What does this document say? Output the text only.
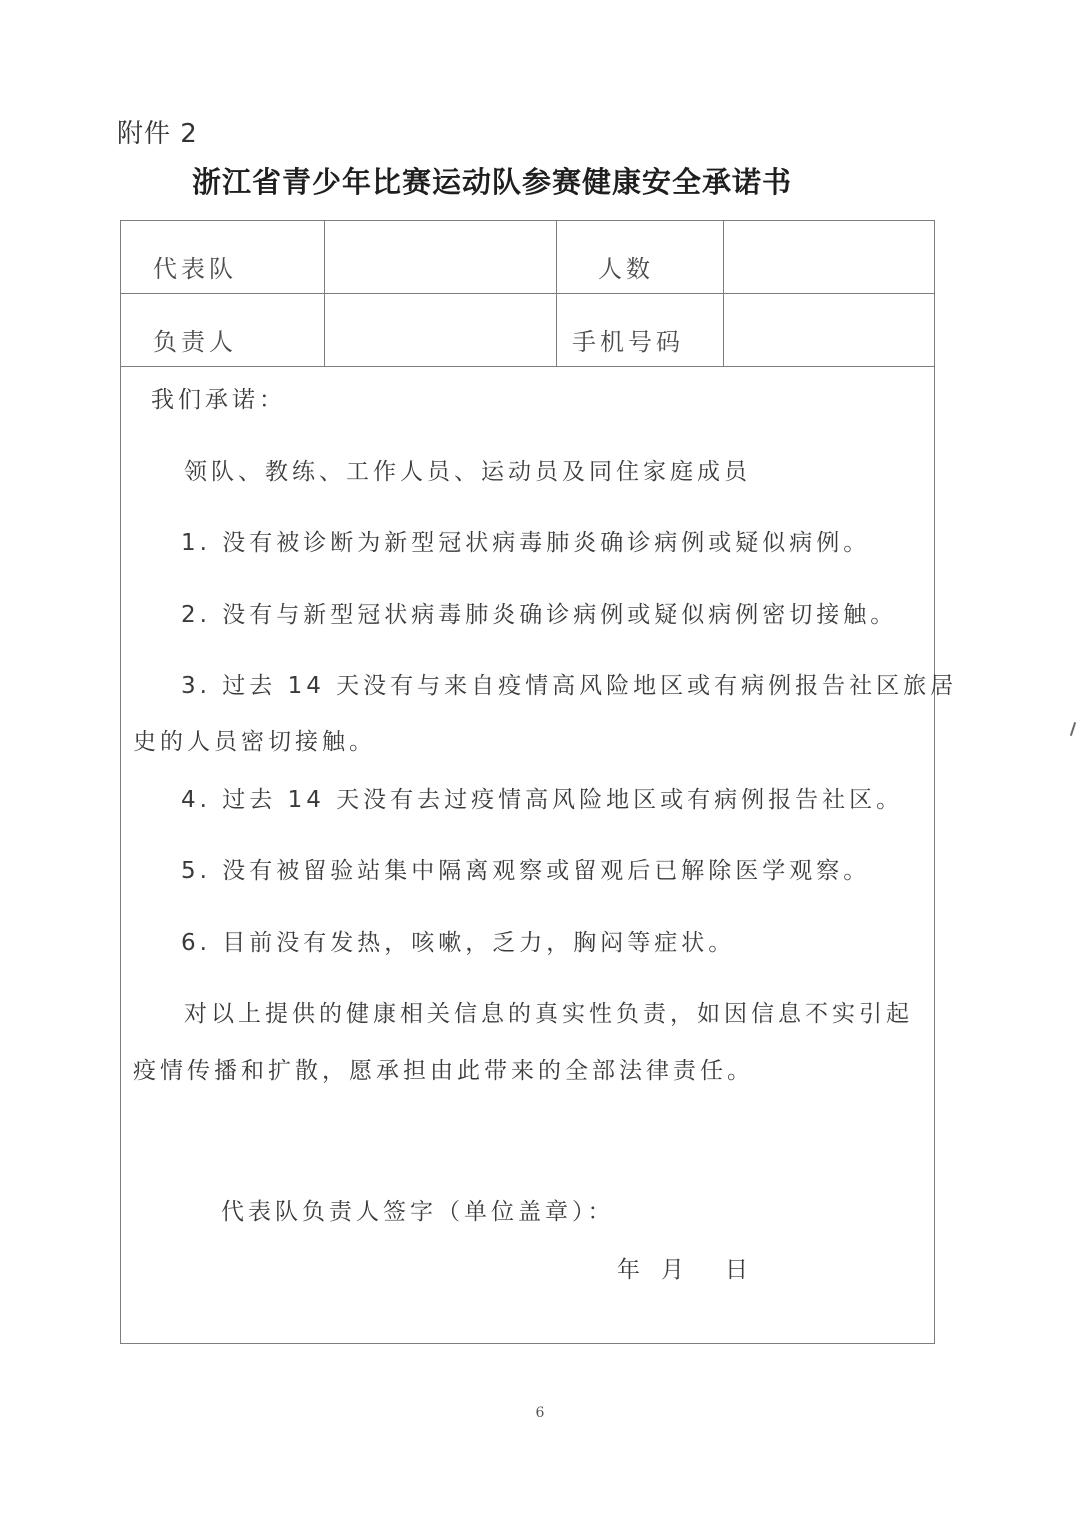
附件 2
浙江省青少年比赛运动队参赛健康安全承诺书
代表队	人数
负责人	手机号码
我们承诺：
领队、教练、工作人员、运动员及同住家庭成员
1. 没有被诊断为新型冠状病毒肺炎确诊病例或疑似病例。
2. 没有与新型冠状病毒肺炎确诊病例或疑似病例密切接触。
3. 过去 14 天没有与来自疫情高风险地区或有病例报告社区旅居
史的人员密切接触。
4. 过去 14 天没有去过疫情高风险地区或有病例报告社区。
5. 没有被留验站集中隔离观察或留观后已解除医学观察。
6. 目前没有发热，咳嗽，乏力，胸闷等症状。
对以上提供的健康相关信息的真实性负责，如因信息不实引起
疫情传播和扩散，愿承担由此带来的全部法律责任。
代表队负责人签字（单位盖章）：
年 月 日
6
